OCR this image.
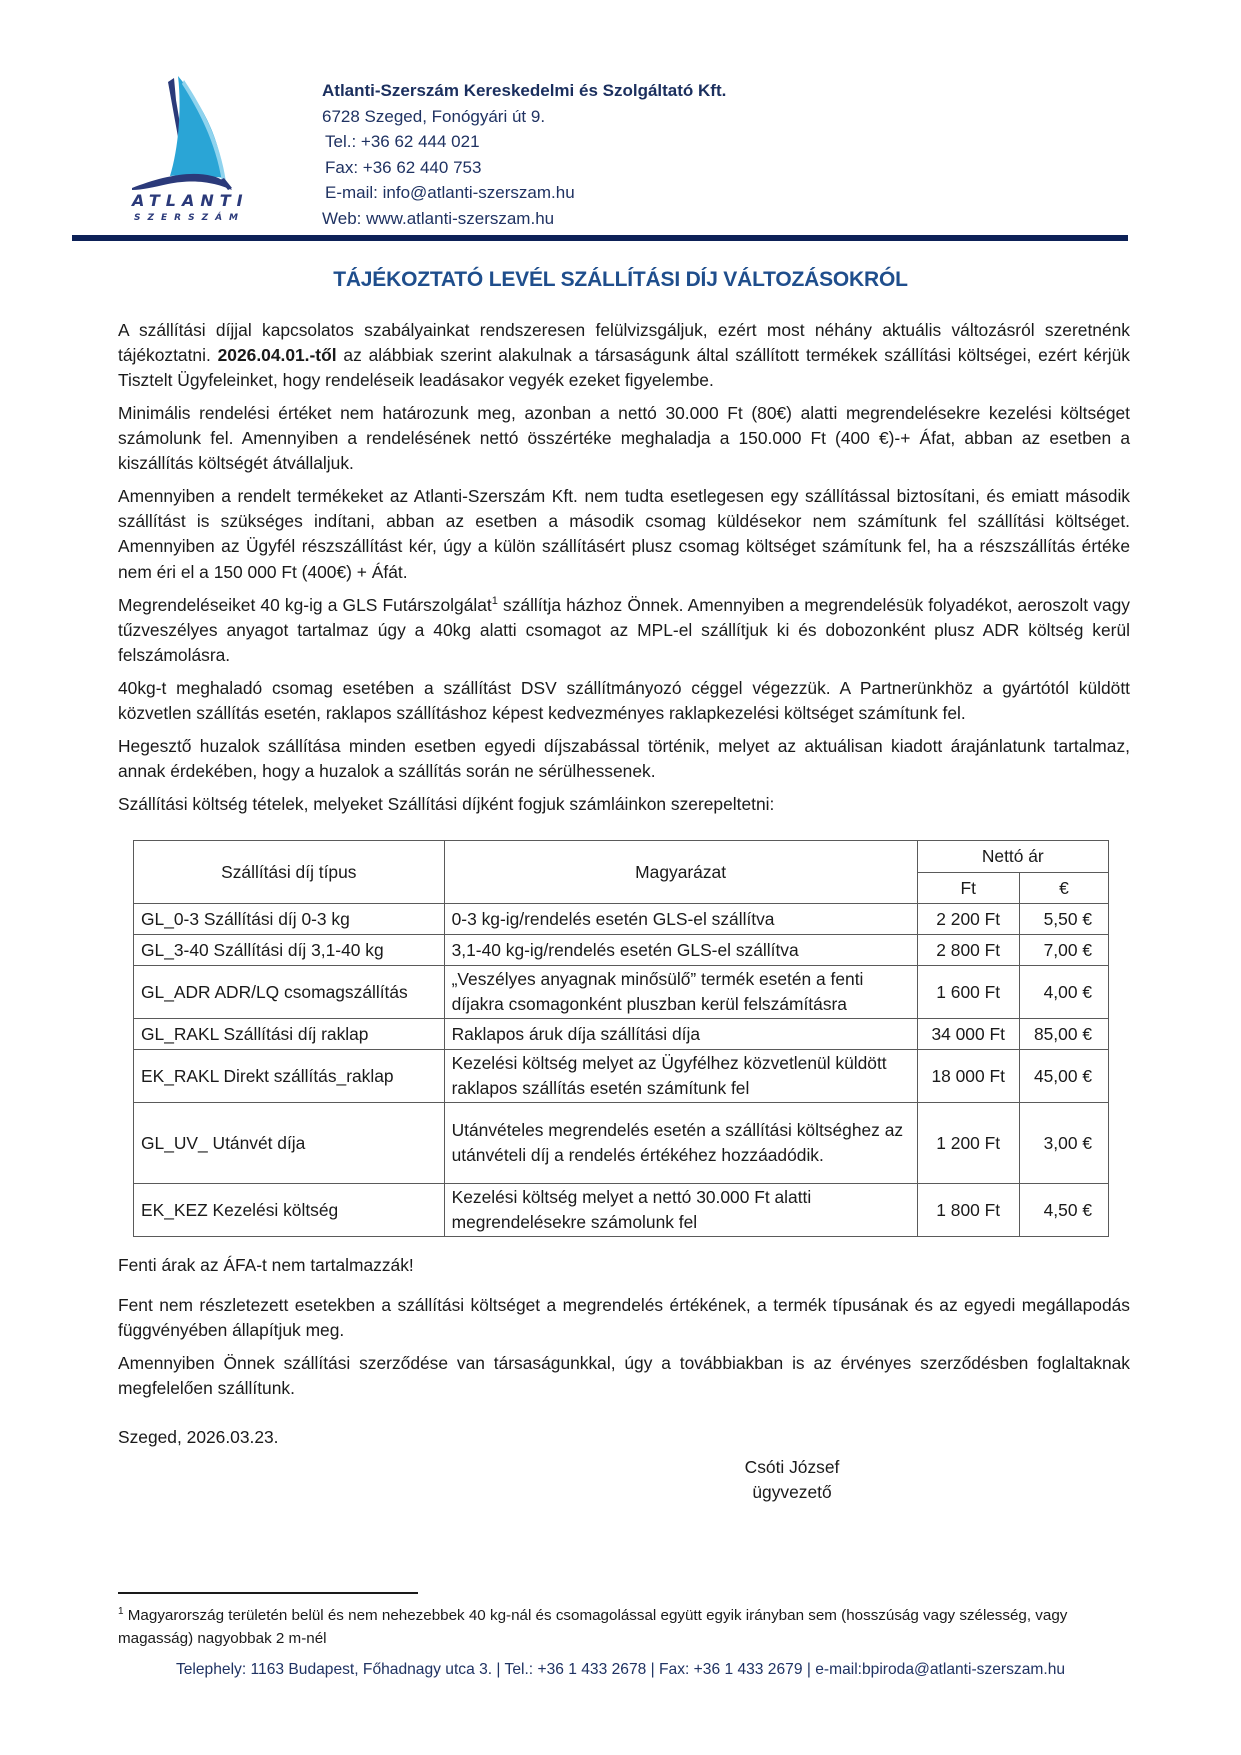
ATLANTI
SZERSZÁM
Atlanti-Szerszám Kereskedelmi és Szolgáltató Kft.
6728 Szeged, Fonógyári út 9.
Tel.: +36 62 444 021
Fax: +36 62 440 753
E-mail: info@atlanti-szerszam.hu
Web: www.atlanti-szerszam.hu
TÁJÉKOZTATÓ LEVÉL SZÁLLÍTÁSI DÍJ VÁLTOZÁSOKRÓL
A szállítási díjjal kapcsolatos szabályainkat rendszeresen felülvizsgáljuk, ezért most néhány aktuális változásról szeretnénk tájékoztatni. 2026.04.01.-től az alábbiak szerint alakulnak a társaságunk által szállított termékek szállítási költségei, ezért kérjük Tisztelt Ügyfeleinket, hogy rendeléseik leadásakor vegyék ezeket figyelembe.
Minimális rendelési értéket nem határozunk meg, azonban a nettó 30.000 Ft (80€) alatti megrendelésekre kezelési költséget számolunk fel. Amennyiben a rendelésének nettó összértéke meghaladja a 150.000 Ft (400 €)-+ Áfat, abban az esetben a kiszállítás költségét átvállaljuk.
Amennyiben a rendelt termékeket az Atlanti-Szerszám Kft. nem tudta esetlegesen egy szállítással biztosítani, és emiatt második szállítást is szükséges indítani, abban az esetben a második csomag küldésekor nem számítunk fel szállítási költséget. Amennyiben az Ügyfél részszállítást kér, úgy a külön szállításért plusz csomag költséget számítunk fel, ha a részszállítás értéke nem éri el a 150 000 Ft (400€) + Áfát.
Megrendeléseiket 40 kg-ig a GLS Futárszolgálat$^1$ szállítja házhoz Önnek. Amennyiben a megrendelésük folyadékot, aeroszolt vagy tűzveszélyes anyagot tartalmaz úgy a 40kg alatti csomagot az MPL-el szállítjuk ki és dobozonként plusz ADR költség kerül felszámolásra.
40kg-t meghaladó csomag esetében a szállítást DSV szállítmányozó céggel végezzük. A Partnerünkhöz a gyártótól küldött közvetlen szállítás esetén, raklapos szállításhoz képest kedvezményes raklapkezelési költséget számítunk fel.
Hegesztő huzalok szállítása minden esetben egyedi díjszabással történik, melyet az aktuálisan kiadott árajánlatunk tartalmaz, annak érdekében, hogy a huzalok a szállítás során ne sérülhessenek.
Szállítási költség tételek, melyeket Szállítási díjként fogjuk számláinkon szerepeltetni:
Szállítási díj típus	Magyarázat	Nettó ár	
		Ft	€
GL_0-3 Szállítási díj 0-3 kg	0-3 kg-ig/rendelés esetén GLS-el szállítva	2 200 Ft	5,50 €
GL_3-40 Szállítási díj 3,1-40 kg	3,1-40 kg-ig/rendelés esetén GLS-el szállítva	2 800 Ft	7,00 €
GL_ADR ADR/LQ csomagszállítás	„Veszélyes anyagnak minősülő” termék esetén a fenti díjakra csomagonként pluszban kerül felszámításra	1 600 Ft	4,00 €
GL_RAKL Szállítási díj raklap	Raklapos áruk díja szállítási díja	34 000 Ft	85,00 €
EK_RAKL Direkt szállítás_raklap	Kezelési költség melyet az Ügyfélhez közvetlenül küldött raklapos szállítás esetén számítunk fel	18 000 Ft	45,00 €
GL_UV_ Utánvét díja	Utánvételes megrendelés esetén a szállítási költséghez az utánvételi díj a rendelés értékéhez hozzáadódik.	1 200 Ft	3,00 €
EK_KEZ Kezelési költség	Kezelési költség melyet a nettó 30.000 Ft alatti megrendelésekre számolunk fel	1 800 Ft	4,50 €
Fenti árak az ÁFA-t nem tartalmazzák!
Fent nem részletezett esetekben a szállítási költséget a megrendelés értékének, a termék típusának és az egyedi megállapodás függvényében állapítjuk meg.
Amennyiben Önnek szállítási szerződése van társaságunkkal, úgy a továbbiakban is az érvényes szerződésben foglaltaknak megfelelően szállítunk.
Szeged, 2026.03.23.
Csóti József
ügyvezető
$^1$ Magyarország területén belül és nem nehezebbek 40 kg-nál és csomagolással együtt egyik irányban sem (hosszúság vagy szélesség, vagy magasság) nagyobbak 2 m-nél
Telephely: 1163 Budapest, Főhadnagy utca 3. | Tel.: +36 1 433 2678 | Fax: +36 1 433 2679 | e-mail:bpiroda@atlanti-szerszam.hu
